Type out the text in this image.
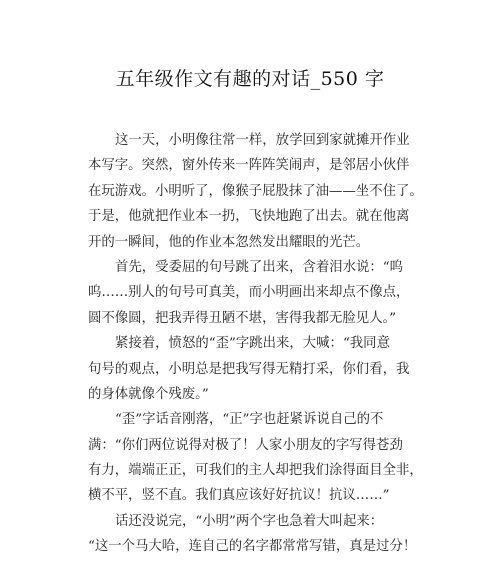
五年级作文有趣的对话_550 字
这一天，小明像往常一样，放学回到家就摊开作业
本写字。突然，窗外传来一阵阵笑闹声，是邻居小伙伴
在玩游戏。小明听了，像猴子屁股抹了油——坐不住了。
于是，他就把作业本一扔，飞快地跑了出去。就在他离
开的一瞬间，他的作业本忽然发出耀眼的光芒。
首先，受委屈的句号跳了出来，含着泪水说：“呜
呜……别人的句号可真美，而小明画出来却点不像点，
圆不像圆，把我弄得丑陋不堪，害得我都无脸见人。”
紧接着，愤怒的“歪”字跳出来，大喊：“我同意
句号的观点，小明总是把我写得无精打采，你们看，我
的身体就像个残废。”
“歪”字话音刚落，“正”字也赶紧诉说自己的不
满：“你们两位说得对极了！人家小朋友的字写得苍劲
有力，端端正正，可我们的主人却把我们涂得面目全非，
横不平，竖不直。我们真应该好好抗议！抗议……”
话还没说完，“小明”两个字也急着大叫起来：
“这一个马大哈，连自己的名字都常常写错，真是过分！
